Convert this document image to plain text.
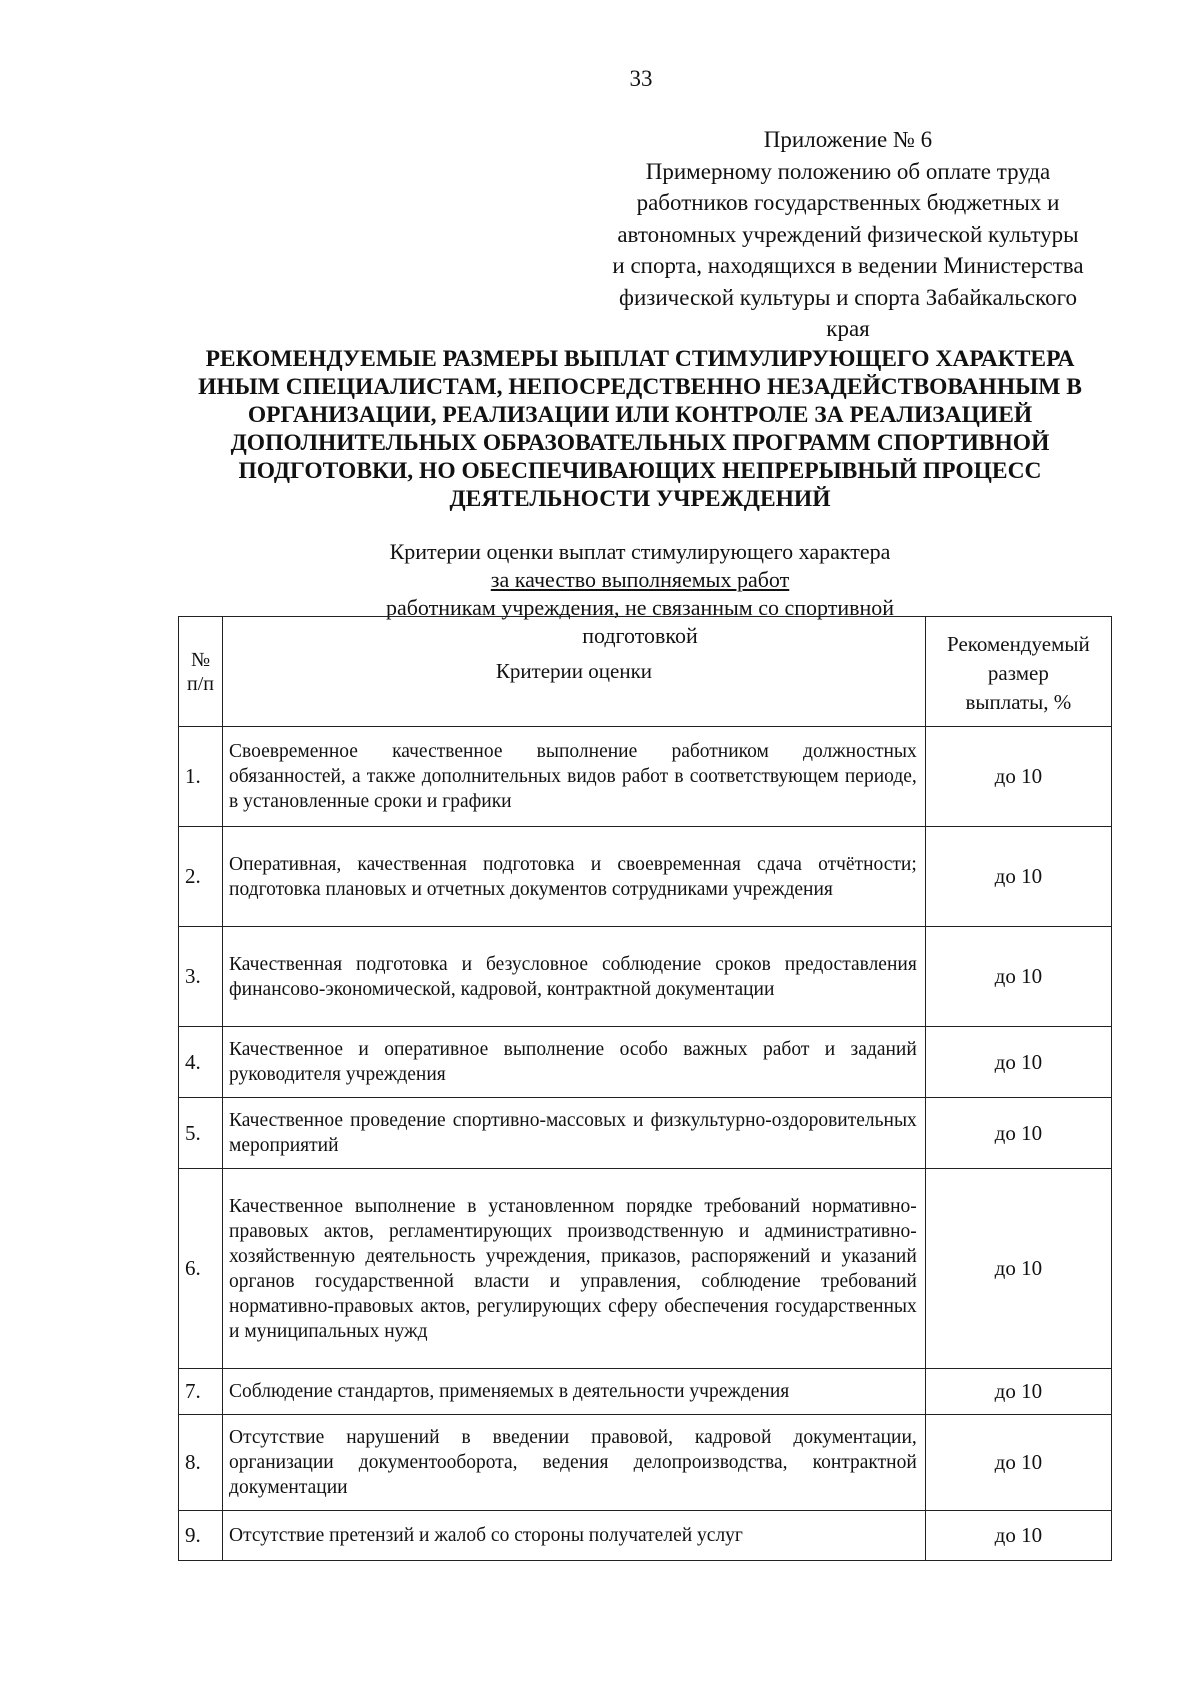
33
Приложение № 6
Примерному положению об оплате труда
работников государственных бюджетных и
автономных учреждений физической культуры
и спорта, находящихся в ведении Министерства
физической культуры и спорта Забайкальского
края
РЕКОМЕНДУЕМЫЕ РАЗМЕРЫ ВЫПЛАТ СТИМУЛИРУЮЩЕГО ХАРАКТЕРА
ИНЫМ СПЕЦИАЛИСТАМ, НЕПОСРЕДСТВЕННО НЕЗАДЕЙСТВОВАННЫМ В
ОРГАНИЗАЦИИ, РЕАЛИЗАЦИИ ИЛИ КОНТРОЛЕ ЗА РЕАЛИЗАЦИЕЙ
ДОПОЛНИТЕЛЬНЫХ ОБРАЗОВАТЕЛЬНЫХ ПРОГРАММ СПОРТИВНОЙ
ПОДГОТОВКИ, НО ОБЕСПЕЧИВАЮЩИХ НЕПРЕРЫВНЫЙ ПРОЦЕСС
ДЕЯТЕЛЬНОСТИ УЧРЕЖДЕНИЙ
Критерии оценки выплат стимулирующего характера
за качество выполняемых работ
работникам учреждения, не связанным со спортивной
подготовкой
№
п/п	Критерии оценки	Рекомендуемый
размер
выплаты, %

1.	Своевременное качественное выполнение работником должностных обязанностей, а также дополнительных видов работ в соответствующем периоде, в установленные сроки и графики	до 10
2.	Оперативная, качественная подготовка и своевременная сдача отчётности; подготовка плановых и отчетных документов сотрудниками учреждения	до 10
3.	Качественная подготовка и безусловное соблюдение сроков предоставления финансово-экономической, кадровой, контрактной документации	до 10
4.	Качественное и оперативное выполнение особо важных работ и заданий руководителя учреждения	до 10
5.	Качественное проведение спортивно-массовых и физкультурно-оздоровительных мероприятий	до 10
6.	Качественное выполнение в установленном порядке требований нормативно-правовых актов, регламентирующих производственную и административно-хозяйственную деятельность учреждения, приказов, распоряжений и указаний органов государственной власти и управления, соблюдение требований нормативно-правовых актов, регулирующих сферу обеспечения государственных и муниципальных нужд	до 10
7.	Соблюдение стандартов, применяемых в деятельности учреждения	до 10
8.	Отсутствие нарушений в введении правовой, кадровой документации, организации документооборота, ведения делопроизводства, контрактной документации	до 10
9.	Отсутствие претензий и жалоб со стороны получателей услуг	до 10
